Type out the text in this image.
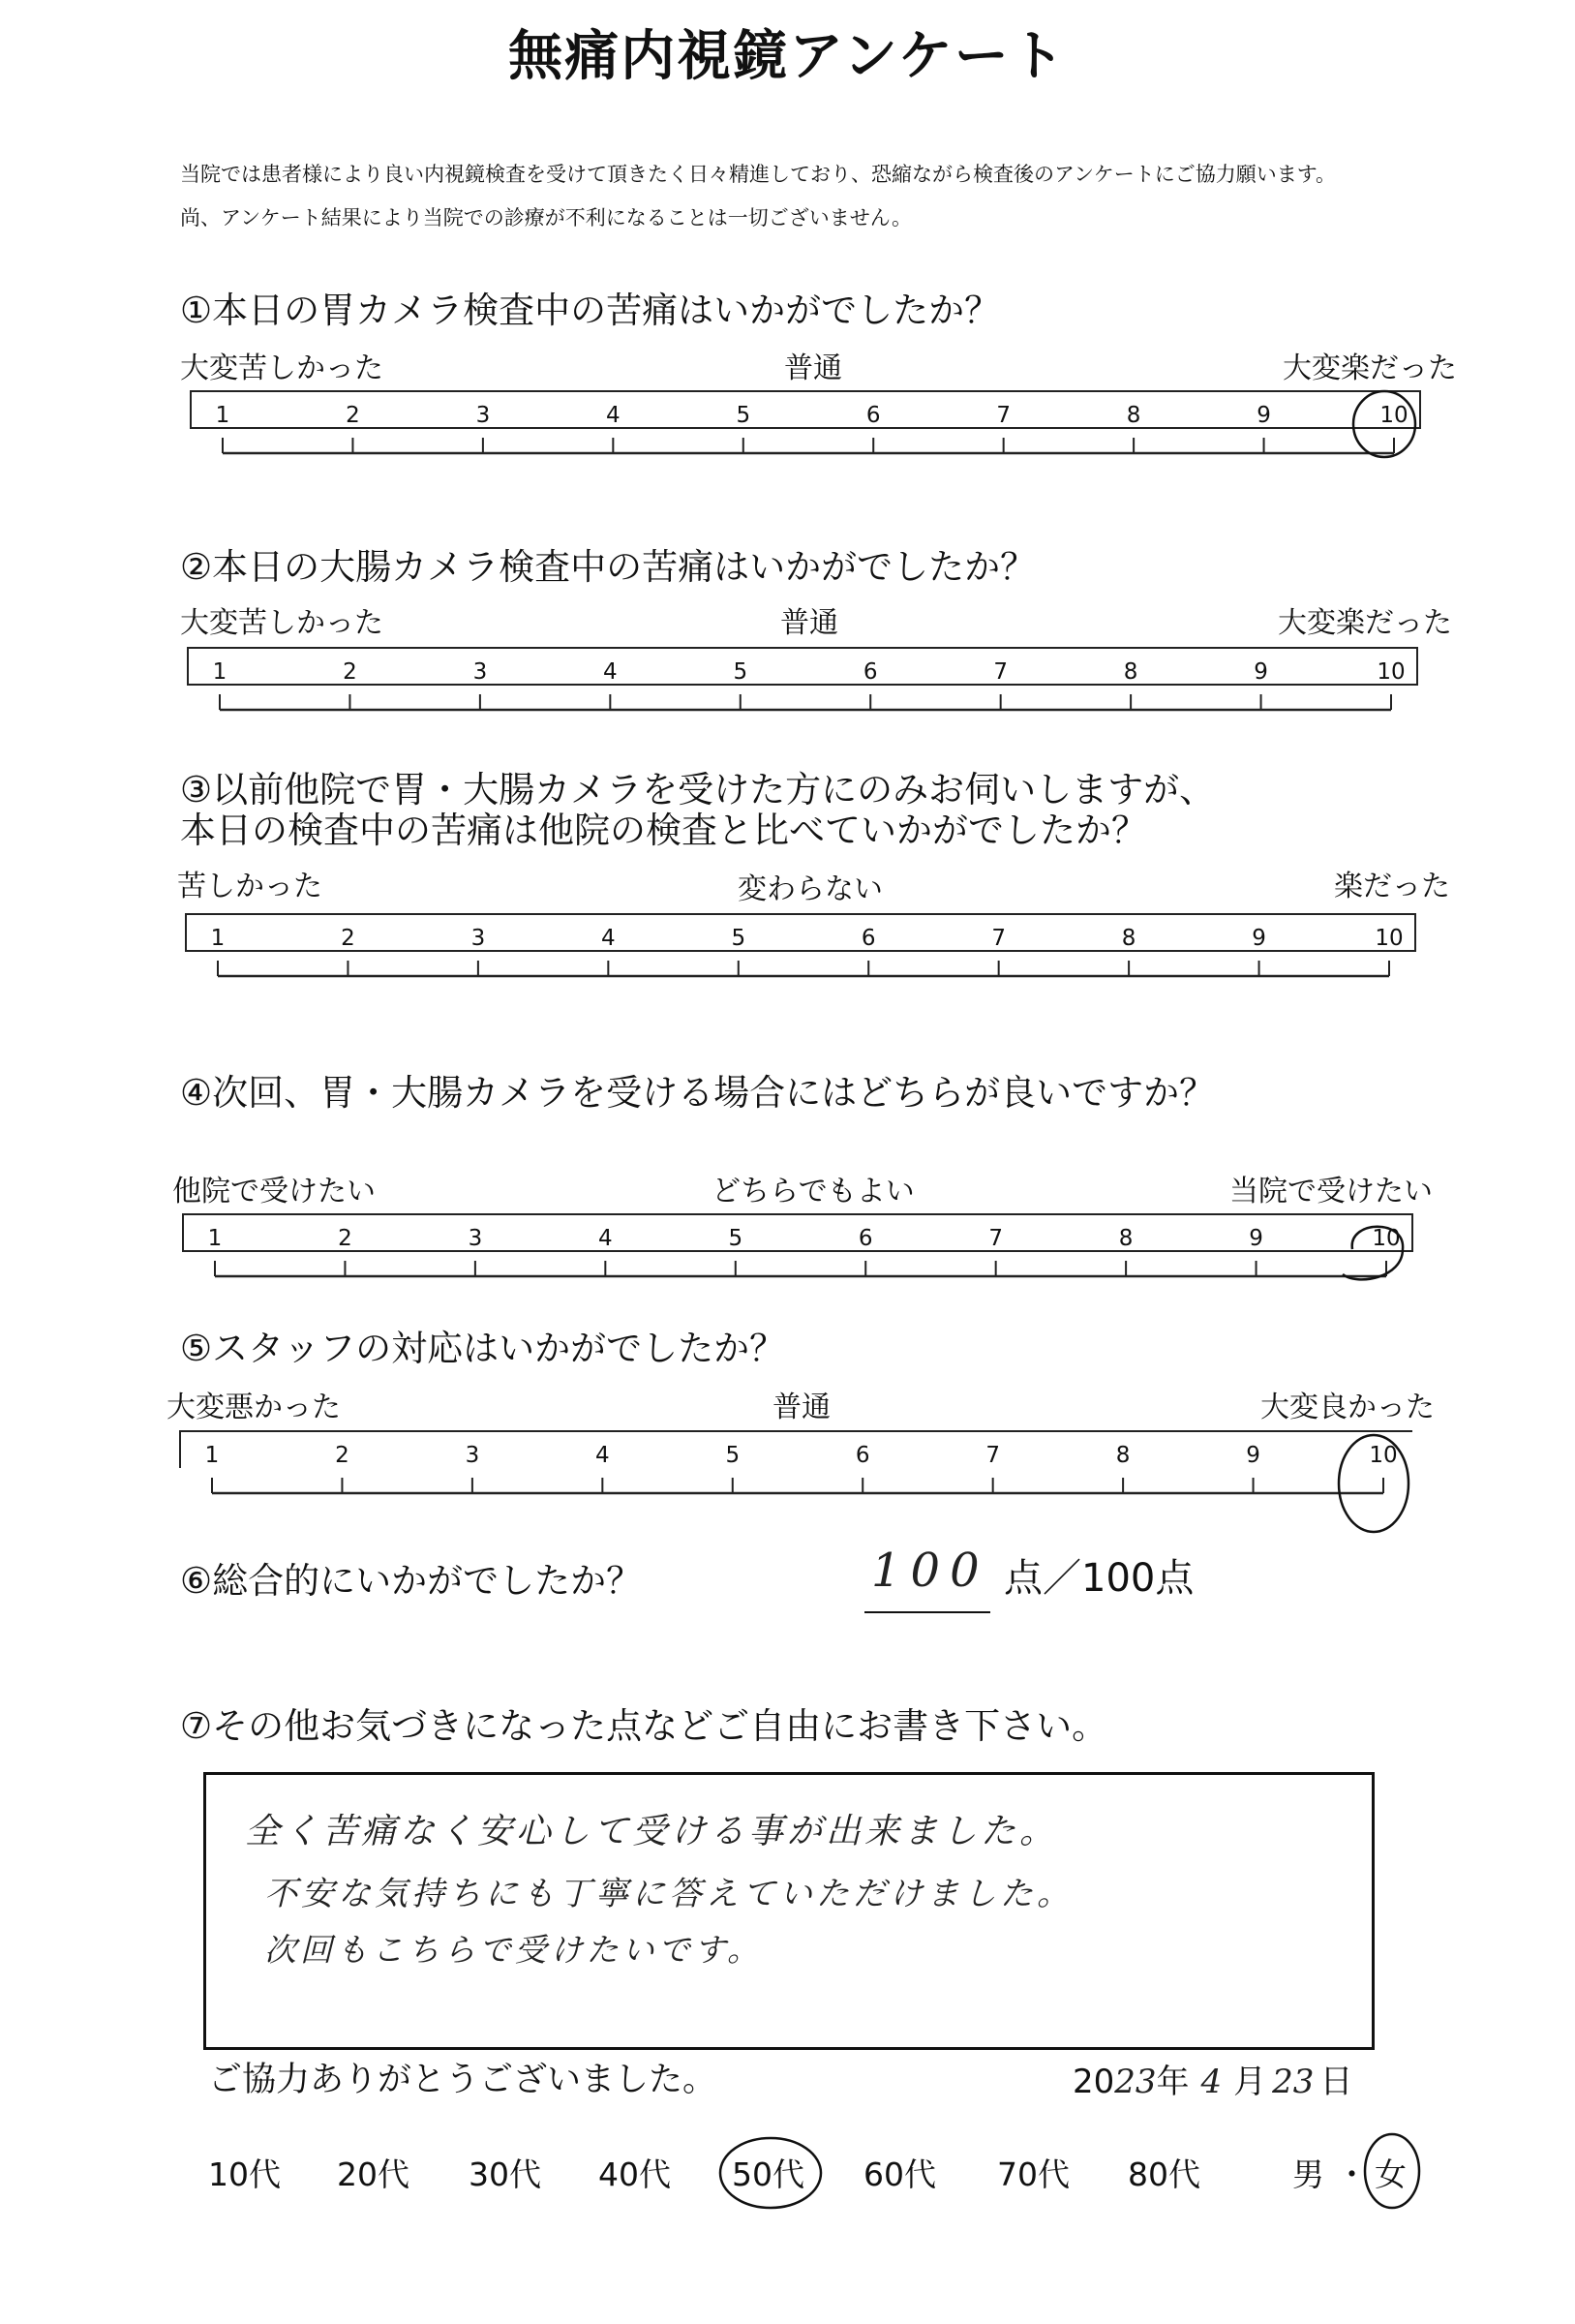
無痛内視鏡アンケート
当院では患者様により良い内視鏡検査を受けて頂きたく日々精進しており、恐縮ながら検査後のアンケートにご協力願います。
尚、アンケート結果により当院での診療が不利になることは一切ございません。
①本日の胃カメラ検査中の苦痛はいかがでしたか？
大変苦しかった	普通	大変楽だった
1	2	3	4	5	6	7	8	9	10
②本日の大腸カメラ検査中の苦痛はいかがでしたか？
大変苦しかった	普通	大変楽だった
1	2	3	4	5	6	7	8	9	10
③以前他院で胃・大腸カメラを受けた方にのみお伺いしますが、
本日の検査中の苦痛は他院の検査と比べていかがでしたか？
苦しかった	変わらない	楽だった
1	2	3	4	5	6	7	8	9	10
④次回、胃・大腸カメラを受ける場合にはどちらが良いですか？
他院で受けたい	どちらでもよい	当院で受けたい
1	2	3	4	5	6	7	8	9	10
⑤スタッフの対応はいかがでしたか？
大変悪かった	普通	大変良かった
1	2	3	4	5	6	7	8	9	10
⑥総合的にいかがでしたか？	100 点／100点
⑦その他お気づきになった点などご自由にお書き下さい。
全く苦痛なく安心して受ける事が出来ました。
不安な気持ちにも丁寧に答えていただけました。
次回もこちらで受けたいです。
ご協力ありがとうございました。	2023年 4 月 23 日
10代 20代 30代 40代 50代 60代 70代 80代	男 ・ 女
